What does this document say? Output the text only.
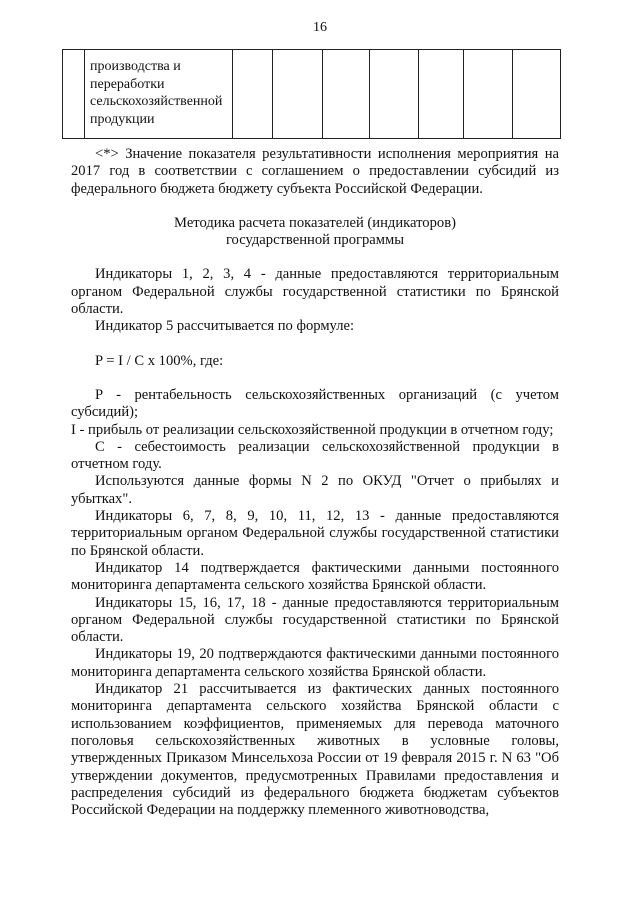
16

производства и
переработки
сельскохозяйственной
продукции

<*> Значение показателя результативности исполнения мероприятия на 2017 год в соответствии с соглашением о предоставлении субсидий из федерального бюджета бюджету субъекта Российской Федерации.

Методика расчета показателей (индикаторов)

государственной программы

Индикаторы 1, 2, 3, 4 - данные предоставляются территориальным органом Федеральной службы государственной статистики по Брянской области.

Индикатор 5 рассчитывается по формуле:

P = I / C x 100%, где:

P - рентабельность сельскохозяйственных организаций (с учетом субсидий);

I - прибыль от реализации сельскохозяйственной продукции в отчетном году;

C - себестоимость реализации сельскохозяйственной продукции в отчетном году.

Используются данные формы N 2 по ОКУД "Отчет о прибылях и убытках".

Индикаторы 6, 7, 8, 9, 10, 11, 12, 13 - данные предоставляются территориальным органом Федеральной службы государственной статистики по Брянской области.

Индикатор 14 подтверждается фактическими данными постоянного мониторинга департамента сельского хозяйства Брянской области.

Индикаторы 15, 16, 17, 18 - данные предоставляются территориальным органом Федеральной службы государственной статистики по Брянской области.

Индикаторы 19, 20 подтверждаются фактическими данными постоянного мониторинга департамента сельского хозяйства Брянской области.

Индикатор 21 рассчитывается из фактических данных постоянного мониторинга департамента сельского хозяйства Брянской области с использованием коэффициентов, применяемых для перевода маточного поголовья сельскохозяйственных животных в условные головы, утвержденных Приказом Минсельхоза России от 19 февраля 2015 г. N 63 "Об утверждении документов, предусмотренных Правилами предоставления и распределения субсидий из федерального бюджета бюджетам субъектов Российской Федерации на поддержку племенного животноводства,
